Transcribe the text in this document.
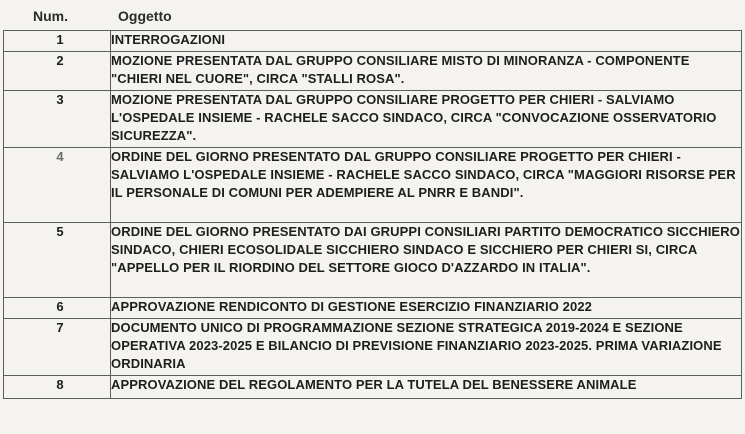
Num.	Oggetto
1	INTERROGAZIONI

2	MOZIONE PRESENTATA DAL GRUPPO CONSILIARE MISTO DI MINORANZA - COMPONENTE "CHIERI NEL CUORE", CIRCA "STALLI ROSA".

3	MOZIONE PRESENTATA DAL GRUPPO CONSILIARE PROGETTO PER CHIERI - SALVIAMO L'OSPEDALE INSIEME - RACHELE SACCO SINDACO, CIRCA "CONVOCAZIONE OSSERVATORIO SICUREZZA".

4	ORDINE DEL GIORNO PRESENTATO DAL GRUPPO CONSILIARE PROGETTO PER CHIERI - SALVIAMO L'OSPEDALE INSIEME - RACHELE SACCO SINDACO, CIRCA "MAGGIORI RISORSE PER IL PERSONALE DI COMUNI PER ADEMPIERE AL PNRR E BANDI".

5	ORDINE DEL GIORNO PRESENTATO DAI GRUPPI CONSILIARI PARTITO DEMOCRATICO SICCHIERO SINDACO, CHIERI ECOSOLIDALE SICCHIERO SINDACO E SICCHIERO PER CHIERI SI, CIRCA "APPELLO PER IL RIORDINO DEL SETTORE GIOCO D'AZZARDO IN ITALIA".

6	APPROVAZIONE RENDICONTO DI GESTIONE ESERCIZIO FINANZIARIO 2022

7	DOCUMENTO UNICO DI PROGRAMMAZIONE SEZIONE STRATEGICA 2019-2024 E SEZIONE OPERATIVA 2023-2025 E BILANCIO DI PREVISIONE FINANZIARIO 2023-2025. PRIMA VARIAZIONE ORDINARIA

8	APPROVAZIONE DEL REGOLAMENTO PER LA TUTELA DEL BENESSERE ANIMALE
